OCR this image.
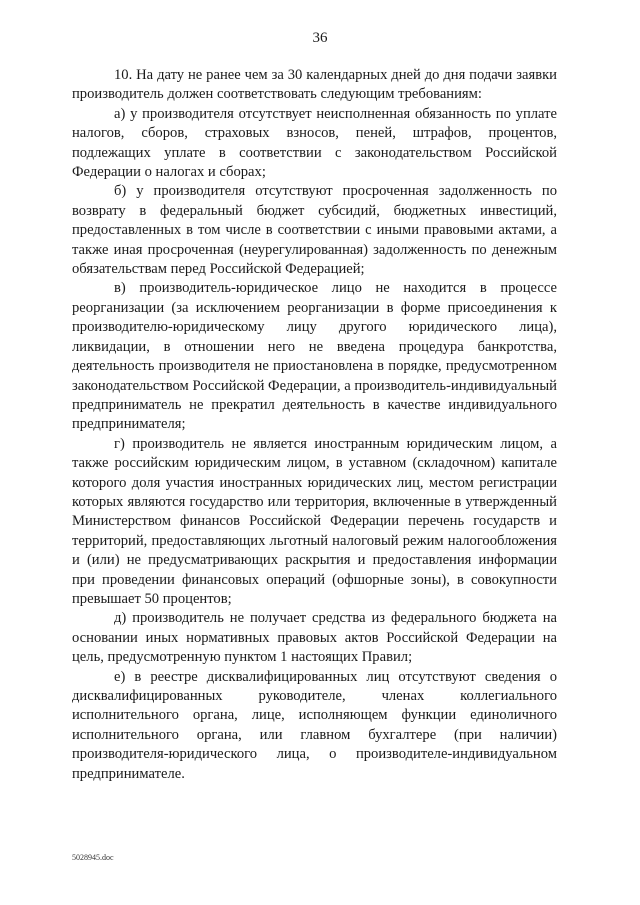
36

10. На дату не ранее чем за 30 календарных дней до дня подачи заявки производитель должен соответствовать следующим требованиям:

а) у производителя отсутствует неисполненная обязанность по уплате налогов, сборов, страховых взносов, пеней, штрафов, процентов, подлежащих уплате в соответствии с законодательством Российской Федерации о налогах и сборах;

б) у производителя отсутствуют просроченная задолженность по возврату в федеральный бюджет субсидий, бюджетных инвестиций, предоставленных в том числе в соответствии с иными правовыми актами, а также иная просроченная (неурегулированная) задолженность по денежным обязательствам перед Российской Федерацией;

в) производитель-юридическое лицо не находится в процессе реорганизации (за исключением реорганизации в форме присоединения к производителю-юридическому лицу другого юридического лица), ликвидации, в отношении него не введена процедура банкротства, деятельность производителя не приостановлена в порядке, предусмотренном законодательством Российской Федерации, а производитель-индивидуальный предприниматель не прекратил деятельность в качестве индивидуального предпринимателя;

г) производитель не является иностранным юридическим лицом, а также российским юридическим лицом, в уставном (складочном) капитале которого доля участия иностранных юридических лиц, местом регистрации которых являются государство или территория, включенные в утвержденный Министерством финансов Российской Федерации перечень государств и территорий, предоставляющих льготный налоговый режим налогообложения и (или) не предусматривающих раскрытия и предоставления информации при проведении финансовых операций (офшорные зоны), в совокупности превышает 50 процентов;

д) производитель не получает средства из федерального бюджета на основании иных нормативных правовых актов Российской Федерации на цель, предусмотренную пунктом 1 настоящих Правил;

е) в реестре дисквалифицированных лиц отсутствуют сведения о дисквалифицированных руководителе, членах коллегиального исполнительного органа, лице, исполняющем функции единоличного исполнительного органа, или главном бухгалтере (при наличии) производителя-юридического лица, о производителе-индивидуальном предпринимателе.

5028945.doc
